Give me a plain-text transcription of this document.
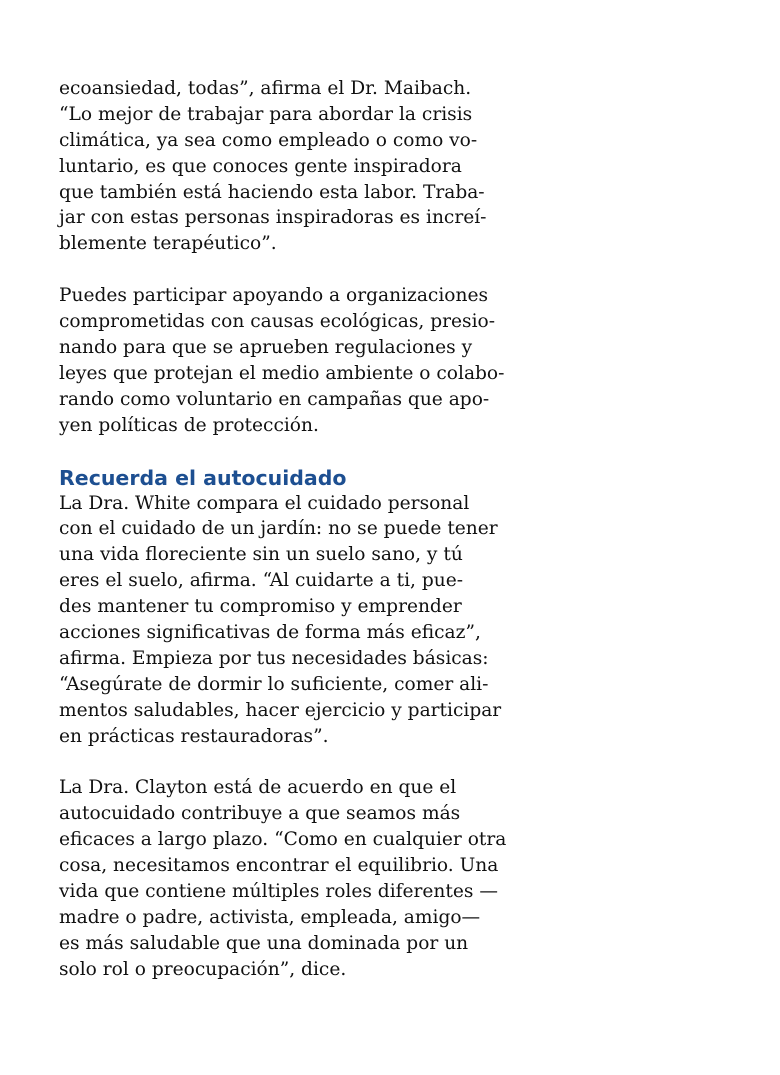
ecoansiedad, todas”, afirma el Dr. Maibach.
“Lo mejor de trabajar para abordar la crisis
climática, ya sea como empleado o como vo-
luntario, es que conoces gente inspiradora
que también está haciendo esta labor. Traba-
jar con estas personas inspiradoras es increí-
blemente terapéutico”.
Puedes participar apoyando a organizaciones
comprometidas con causas ecológicas, presio-
nando para que se aprueben regulaciones y
leyes que protejan el medio ambiente o colabo-
rando como voluntario en campañas que apo-
yen políticas de protección.
Recuerda el autocuidado
La Dra. White compara el cuidado personal
con el cuidado de un jardín: no se puede tener
una vida floreciente sin un suelo sano, y tú
eres el suelo, afirma. “Al cuidarte a ti, pue-
des mantener tu compromiso y emprender
acciones significativas de forma más eficaz”,
afirma. Empieza por tus necesidades básicas:
“Asegúrate de dormir lo suficiente, comer ali-
mentos saludables, hacer ejercicio y participar
en prácticas restauradoras”.
La Dra. Clayton está de acuerdo en que el
autocuidado contribuye a que seamos más
eficaces a largo plazo. “Como en cualquier otra
cosa, necesitamos encontrar el equilibrio. Una
vida que contiene múltiples roles diferentes —
madre o padre, activista, empleada, amigo—
es más saludable que una dominada por un
solo rol o preocupación”, dice.
